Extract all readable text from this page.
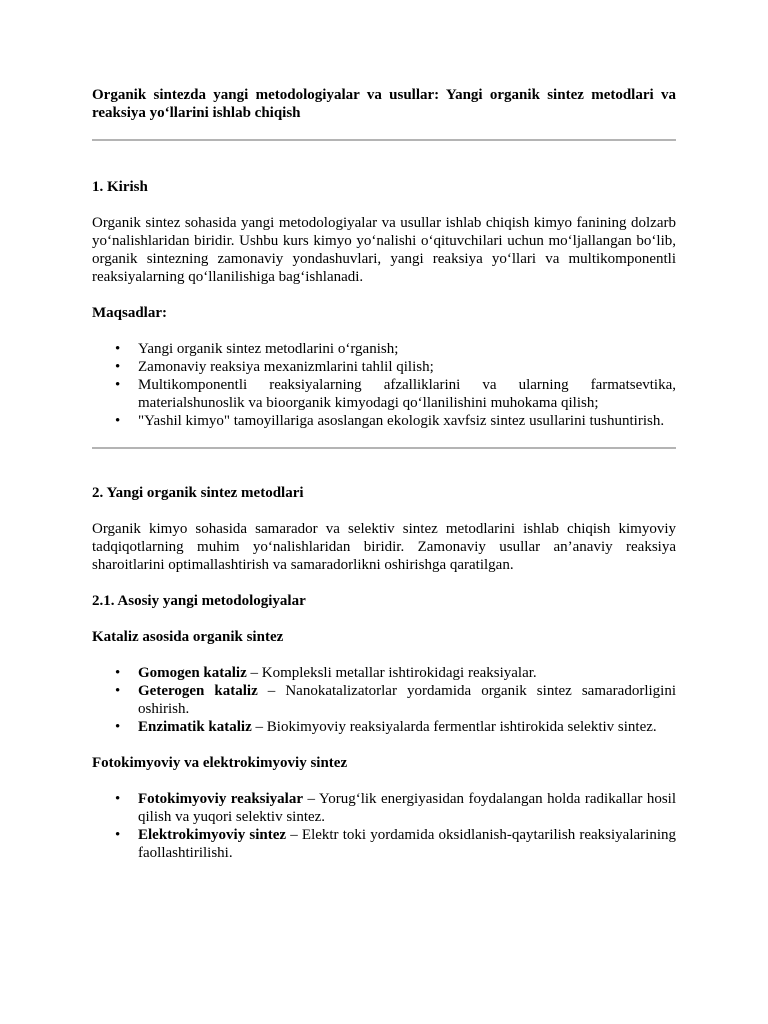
Organik sintezda yangi metodologiyalar va usullar: Yangi organik sintez metodlari va reaksiya yo‘llarini ishlab chiqish

1. Kirish

Organik sintez sohasida yangi metodologiyalar va usullar ishlab chiqish kimyo fanining dolzarb yo‘nalishlaridan biridir. Ushbu kurs kimyo yo‘nalishi o‘qituvchilari uchun mo‘ljallangan bo‘lib, organik sintezning zamonaviy yondashuvlari, yangi reaksiya yo‘llari va multikomponentli reaksiyalarning qo‘llanilishiga bag‘ishlanadi.

Maqsadlar:

• Yangi organik sintez metodlarini o‘rganish;
• Zamonaviy reaksiya mexanizmlarini tahlil qilish;
• Multikomponentli reaksiyalarning afzalliklarini va ularning farmatsevtika, materialshunoslik va bioorganik kimyodagi qo‘llanilishini muhokama qilish;
• "Yashil kimyo" tamoyillariga asoslangan ekologik xavfsiz sintez usullarini tushuntirish.

2. Yangi organik sintez metodlari

Organik kimyo sohasida samarador va selektiv sintez metodlarini ishlab chiqish kimyoviy tadqiqotlarning muhim yo‘nalishlaridan biridir. Zamonaviy usullar an’anaviy reaksiya sharoitlarini optimallashtirish va samaradorlikni oshirishga qaratilgan.

2.1. Asosiy yangi metodologiyalar

Kataliz asosida organik sintez

• Gomogen kataliz – Kompleksli metallar ishtirokidagi reaksiyalar.
• Geterogen kataliz – Nanokatalizatorlar yordamida organik sintez samaradorligini oshirish.
• Enzimatik kataliz – Biokimyoviy reaksiyalarda fermentlar ishtirokida selektiv sintez.

Fotokimyoviy va elektrokimyoviy sintez

• Fotokimyoviy reaksiyalar – Yorug‘lik energiyasidan foydalangan holda radikallar hosil qilish va yuqori selektiv sintez.
• Elektrokimyoviy sintez – Elektr toki yordamida oksidlanish-qaytarilish reaksiyalarining faollashtirilishi.
